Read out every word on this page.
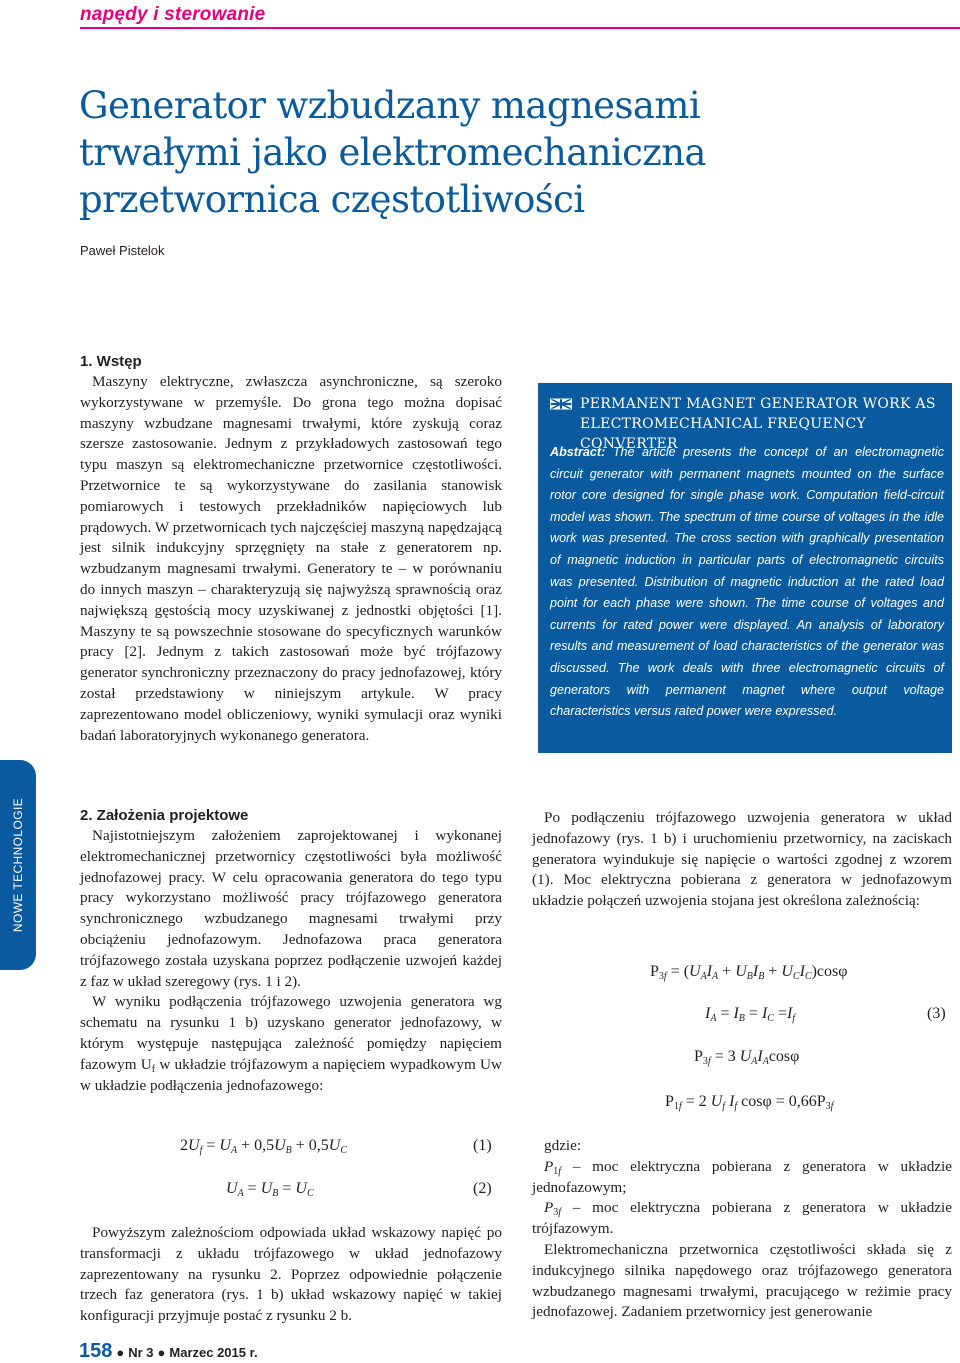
napędy i sterowanie
Generator wzbudzany magnesami trwałymi jako elektromechaniczna przetwornica częstotliwości
Paweł Pistelok
1. Wstęp

Maszyny elektryczne, zwłaszcza asynchroniczne, są szeroko wykorzystywane w przemyśle. Do grona tego można dopisać maszyny wzbudzane magnesami trwałymi, które zyskują coraz szersze zastosowanie. Jednym z przykładowych zastosowań tego typu maszyn są elektromechaniczne przetwornice częstotliwości. Przetwornice te są wykorzystywane do zasilania stanowisk pomiarowych i testowych przekładników napięciowych lub prądowych. W przetwornicach tych najczęściej maszyną napędzającą jest silnik indukcyjny sprzęgnięty na stałe z generatorem np. wzbudzanym magnesami trwałymi. Generatory te – w porównaniu do innych maszyn – charakteryzują się najwyższą sprawnością oraz największą gęstością mocy uzyskiwanej z jednostki objętości [1]. Maszyny te są powszechnie stosowane do specyficznych warunków pracy [2]. Jednym z takich zastosowań może być trójfazowy generator synchroniczny przeznaczony do pracy jednofazowej, który został przedstawiony w niniejszym artykule. W pracy zaprezentowano model obliczeniowy, wyniki symulacji oraz wyniki badań laboratoryjnych wykonanego generatora.

PERMANENT MAGNET GENERATOR WORK AS ELECTROMECHANICAL FREQUENCY CONVERTER

Abstract: The article presents the concept of an electromagnetic circuit generator with permanent magnets mounted on the surface rotor core designed for single phase work. Computation field-circuit model was shown. The spectrum of time course of voltages in the idle work was presented. The cross section with graphically presentation of magnetic induction in particular parts of electromagnetic circuits was presented. Distribution of magnetic induction at the rated load point for each phase were shown. The time course of voltages and currents for rated power were displayed. An analysis of laboratory results and measurement of load characteristics of the generator was discussed. The work deals with three electromagnetic circuits of generators with permanent magnet where output voltage characteristics versus rated power were expressed.

NOWE TECHNOLOGIE	2. Założenia projektowe

Najistotniejszym założeniem zaprojektowanej i wykonanej elektromechanicznej przetwornicy częstotliwości była możliwość jednofazowej pracy. W celu opracowania generatora do tego typu pracy wykorzystano możliwość pracy trójfazowego generatora synchronicznego wzbudzanego magnesami trwałymi przy obciążeniu jednofazowym. Jednofazowa praca generatora trójfazowego została uzyskana poprzez podłączenie uzwojeń każdej z faz w układ szeregowy (rys. 1 i 2).

W wyniku podłączenia trójfazowego uzwojenia generatora wg schematu na rysunku 1 b) uzyskano generator jednofazowy, w którym występuje następująca zależność pomiędzy napięciem fazowym $U_f$ w układzie trójfazowym a napięciem wypadkowym Uw w układzie podłączenia jednofazowego:

$2U_f = U_A + 0,5U_B + 0,5U_C$	(1)
$U_A = U_B = U_C$	(2)

Powyższym zależnościom odpowiada układ wskazowy napięć po transformacji z układu trójfazowego w układ jednofazowy zaprezentowany na rysunku 2. Poprzez odpowiednie połączenie trzech faz generatora (rys. 1 b) układ wskazowy napięć w takiej konfiguracji przyjmuje postać z rysunku 2 b.

Po podłączeniu trójfazowego uzwojenia generatora w układ jednofazowy (rys. 1 b) i uruchomieniu przetwornicy, na zaciskach generatora wyindukuje się napięcie o wartości zgodnej z wzorem (1). Moc elektryczna pobierana z generatora w jednofazowym układzie połączeń uzwojenia stojana jest określona zależnością:

$P_{3f} = (U_AI_A + U_BI_B + U_CI_C)\cos\varphi$
$I_A = I_B = I_C =I_f$	(3)
$P_{3f} = 3$ $U_AI_A\cos\varphi$
$P_{1f} = 2$ $U_f$ $I_f$ $\cos\varphi = 0,66P_{3f}$

gdzie:

$P_{1f}$ – moc elektryczna pobierana z generatora w układzie jednofazowym;

$P_{3f}$ – moc elektryczna pobierana z generatora w układzie trójfazowym.

Elektromechaniczna przetwornica częstotliwości składa się z indukcyjnego silnika napędowego oraz trójfazowego generatora wzbudzanego magnesami trwałymi, pracującego w reżimie pracy jednofazowej. Zadaniem przetwornicy jest generowanie

158 ● Nr 3 ● Marzec 2015 r.
